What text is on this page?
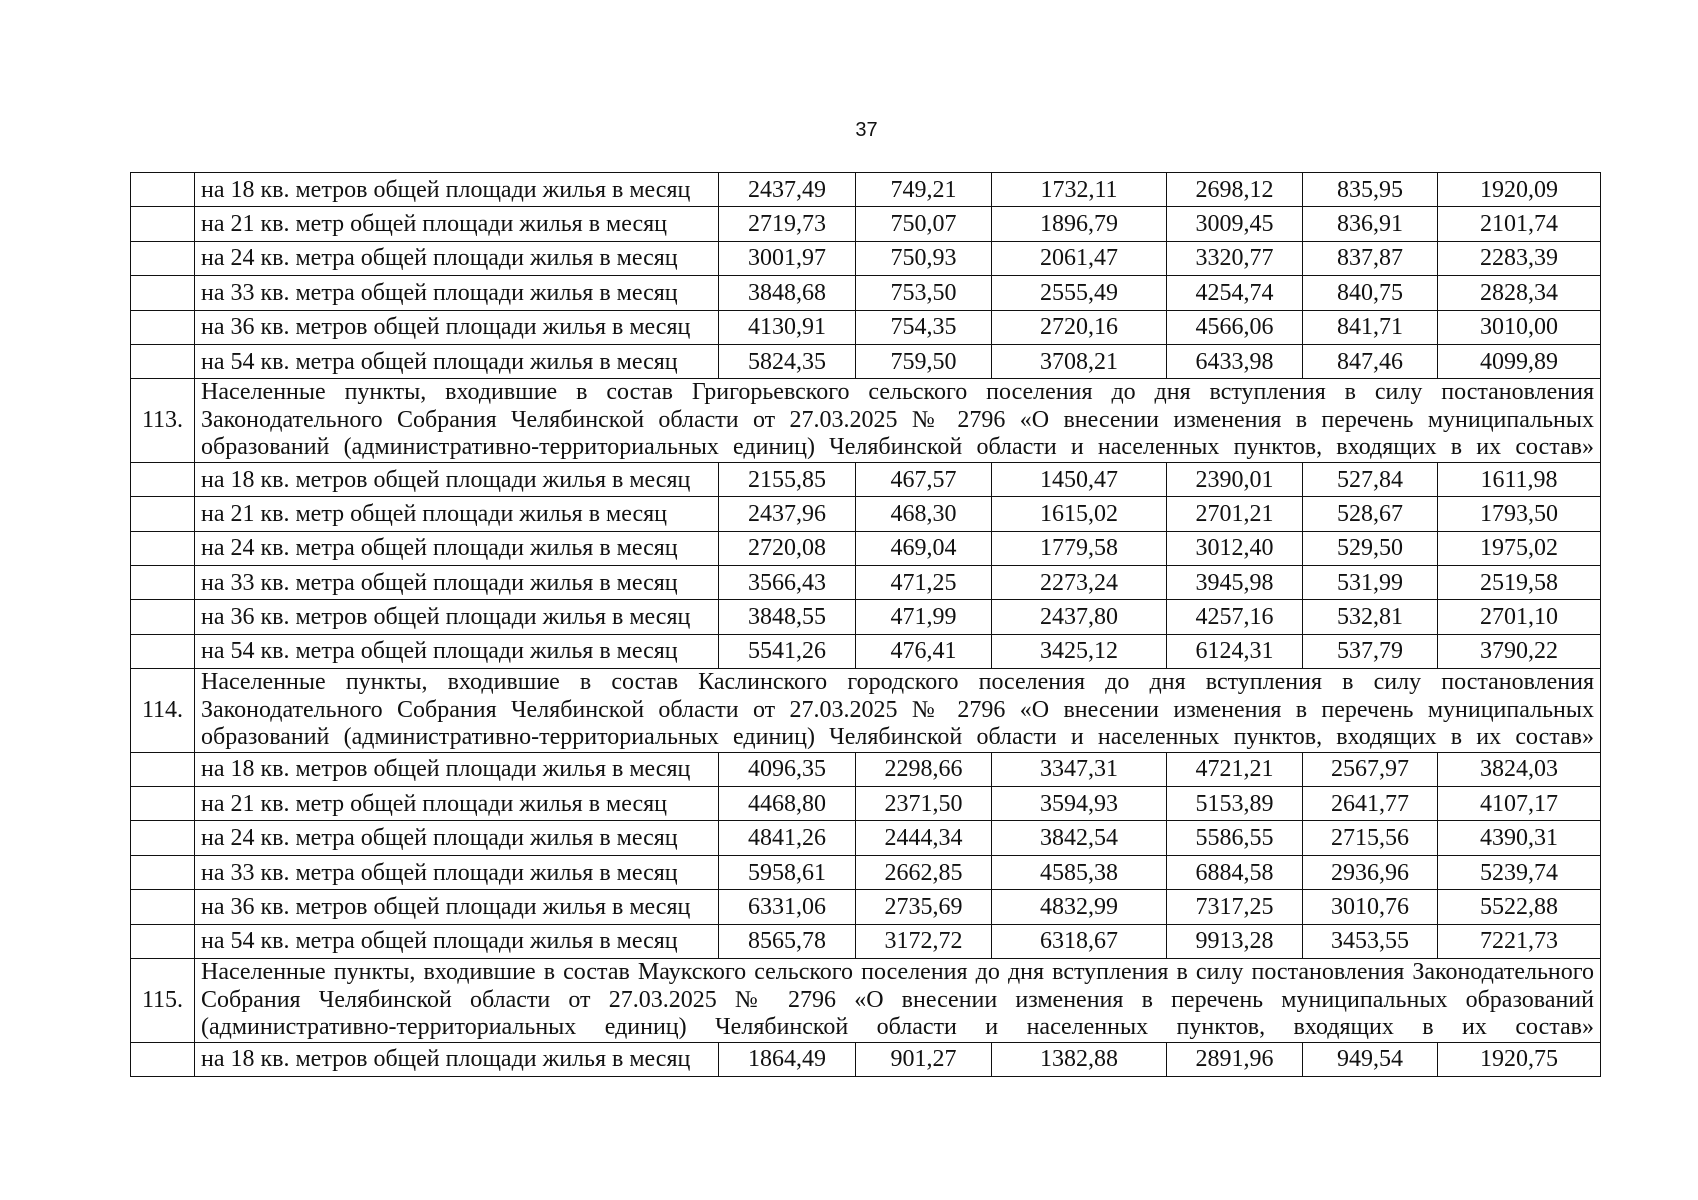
37
	на 18 кв. метров общей площади жилья в месяц	2437,49	749,21	1732,11	2698,12	835,95	1920,09
	на 21 кв. метр общей площади жилья в месяц	2719,73	750,07	1896,79	3009,45	836,91	2101,74
	на 24 кв. метра общей площади жилья в месяц	3001,97	750,93	2061,47	3320,77	837,87	2283,39
	на 33 кв. метра общей площади жилья в месяц	3848,68	753,50	2555,49	4254,74	840,75	2828,34
	на 36 кв. метров общей площади жилья в месяц	4130,91	754,35	2720,16	4566,06	841,71	3010,00
	на 54 кв. метра общей площади жилья в месяц	5824,35	759,50	3708,21	6433,98	847,46	4099,89
113.	Населенные пункты, входившие в состав Григорьевского сельского поселения до дня вступления в силу постановления
Законодательного Собрания Челябинской области от 27.03.2025 № 2796 «О внесении изменения в перечень муниципальных
образований (административно-территориальных единиц) Челябинской области и населенных пунктов, входящих в их состав»						

	на 18 кв. метров общей площади жилья в месяц	2155,85	467,57	1450,47	2390,01	527,84	1611,98
	на 21 кв. метр общей площади жилья в месяц	2437,96	468,30	1615,02	2701,21	528,67	1793,50
	на 24 кв. метра общей площади жилья в месяц	2720,08	469,04	1779,58	3012,40	529,50	1975,02
	на 33 кв. метра общей площади жилья в месяц	3566,43	471,25	2273,24	3945,98	531,99	2519,58
	на 36 кв. метров общей площади жилья в месяц	3848,55	471,99	2437,80	4257,16	532,81	2701,10
	на 54 кв. метра общей площади жилья в месяц	5541,26	476,41	3425,12	6124,31	537,79	3790,22
114.	Населенные пункты, входившие в состав Каслинского городского поселения до дня вступления в силу постановления
Законодательного Собрания Челябинской области от 27.03.2025 № 2796 «О внесении изменения в перечень муниципальных
образований (административно-территориальных единиц) Челябинской области и населенных пунктов, входящих в их состав»						

	на 18 кв. метров общей площади жилья в месяц	4096,35	2298,66	3347,31	4721,21	2567,97	3824,03
	на 21 кв. метр общей площади жилья в месяц	4468,80	2371,50	3594,93	5153,89	2641,77	4107,17
	на 24 кв. метра общей площади жилья в месяц	4841,26	2444,34	3842,54	5586,55	2715,56	4390,31
	на 33 кв. метра общей площади жилья в месяц	5958,61	2662,85	4585,38	6884,58	2936,96	5239,74
	на 36 кв. метров общей площади жилья в месяц	6331,06	2735,69	4832,99	7317,25	3010,76	5522,88
	на 54 кв. метра общей площади жилья в месяц	8565,78	3172,72	6318,67	9913,28	3453,55	7221,73
115.	Населенные пункты, входившие в состав Маукского сельского поселения до дня вступления в силу постановления Законодательного
Собрания Челябинской области от 27.03.2025 № 2796 «О внесении изменения в перечень муниципальных образований
(административно-территориальных единиц) Челябинской области и населенных пунктов, входящих в их состав»						

	на 18 кв. метров общей площади жилья в месяц	1864,49	901,27	1382,88	2891,96	949,54	1920,75
